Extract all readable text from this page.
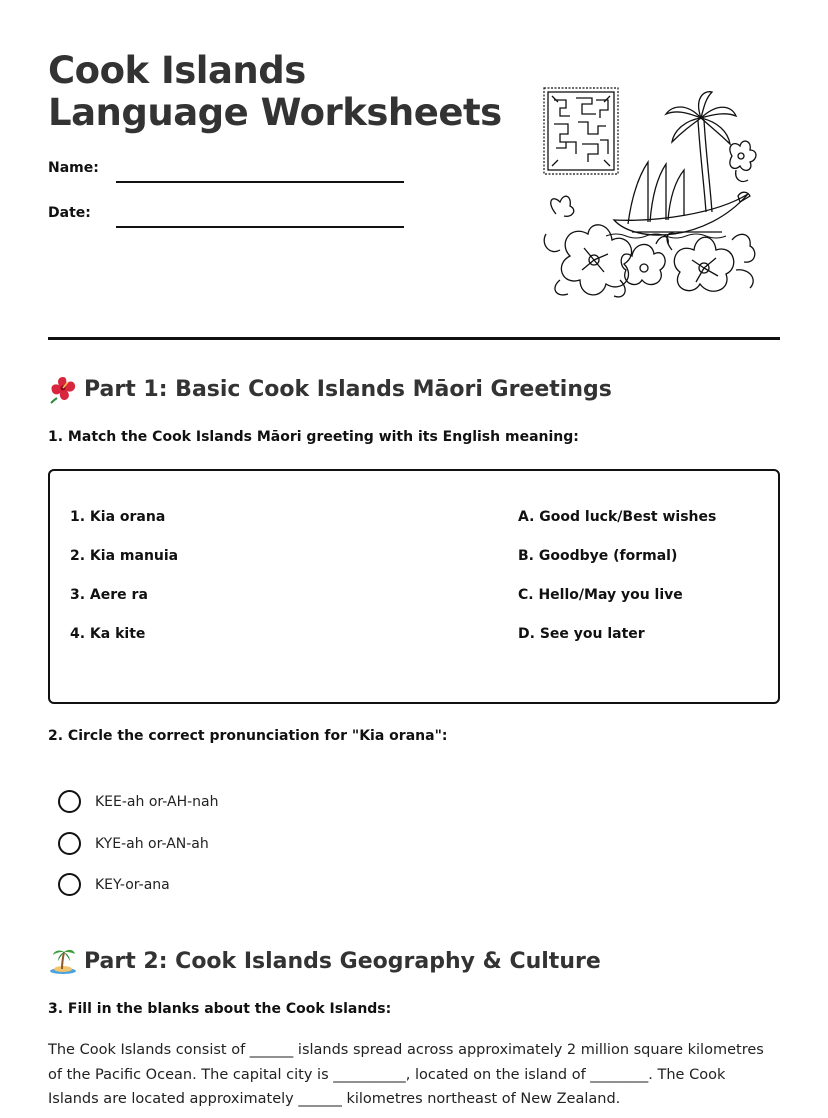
Cook Islands Language Worksheets
Name:
Date:
Part 1: Basic Cook Islands Māori Greetings
1. Match the Cook Islands Māori greeting with its English meaning:
1. Kia orana
2. Kia manuia
3. Aere ra
4. Ka kite
A. Good luck/Best wishes
B. Goodbye (formal)
C. Hello/May you live
D. See you later
2. Circle the correct pronunciation for "Kia orana":
KEE-ah or-AH-nah
KYE-ah or-AN-ah
KEY-or-ana
Part 2: Cook Islands Geography & Culture
3. Fill in the blanks about the Cook Islands:

The Cook Islands consist of ______ islands spread across approximately 2 million square kilometres of the Pacific Ocean. The capital city is __________, located on the island of ________. The Cook Islands are located approximately ______ kilometres northeast of New Zealand.
